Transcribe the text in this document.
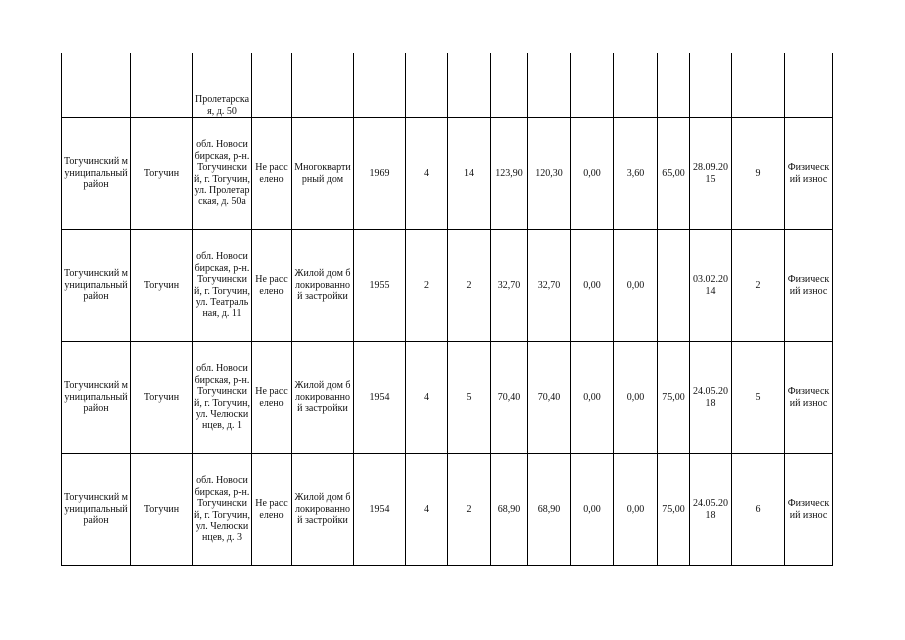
		Пролетарская, д. 50													
Тогучинский муниципальный район	Тогучин	обл. Новосибирская, р-н. Тогучинский, г. Тогучин, ул. Пролетарская, д. 50а	Не расселено	Многоквартирный дом	1969	4	14	123,90	120,30	0,00	3,60	65,00	28.09.2015	9	Физический износ
Тогучинский муниципальный район	Тогучин	обл. Новосибирская, р-н. Тогучинский, г. Тогучин, ул. Театральная, д. 11	Не расселено	Жилой дом блокированной застройки	1955	2	2	32,70	32,70	0,00	0,00		03.02.2014	2	Физический износ
Тогучинский муниципальный район	Тогучин	обл. Новосибирская, р-н. Тогучинский, г. Тогучин, ул. Челюскинцев, д. 1	Не расселено	Жилой дом блокированной застройки	1954	4	5	70,40	70,40	0,00	0,00	75,00	24.05.2018	5	Физический износ
Тогучинский муниципальный район	Тогучин	обл. Новосибирская, р-н. Тогучинский, г. Тогучин, ул. Челюскинцев, д. 3	Не расселено	Жилой дом блокированной застройки	1954	4	2	68,90	68,90	0,00	0,00	75,00	24.05.2018	6	Физический износ
